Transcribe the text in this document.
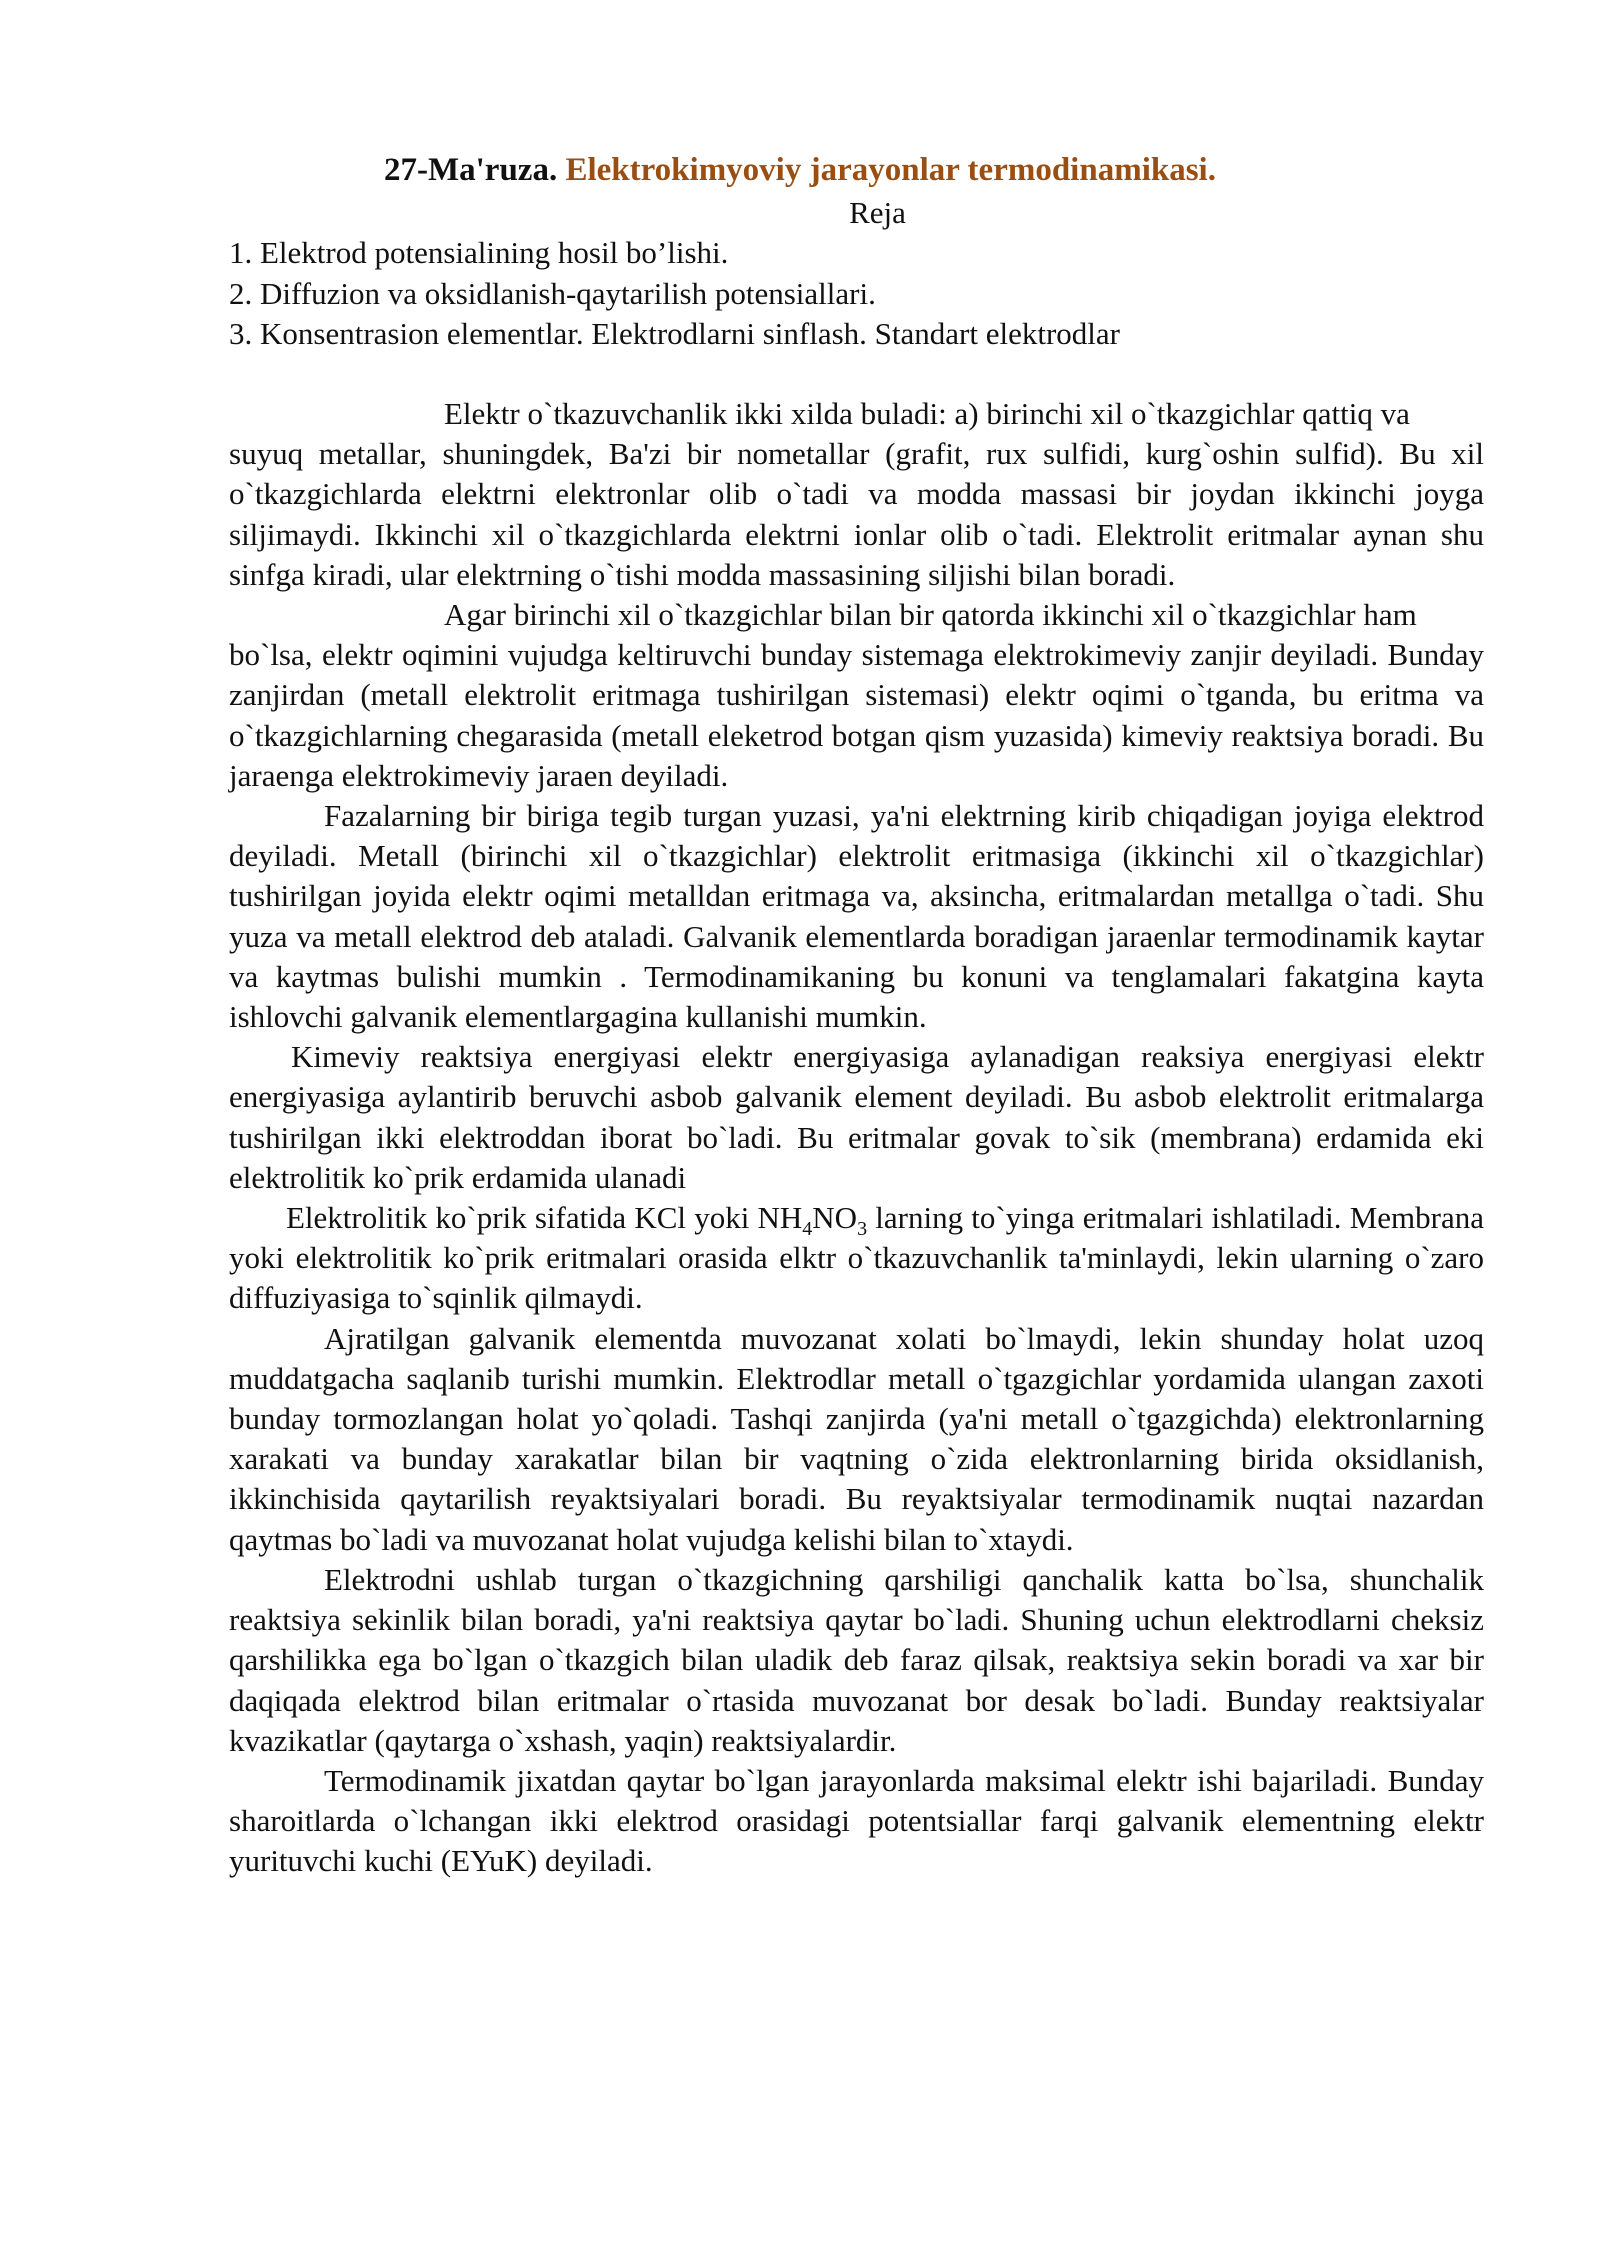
27-Ma'ruza. Elektrokimyoviy jarayonlar termodinamikasi.
Reja
1. Elektrod potensialining hosil bo’lishi.
2. Diffuzion va oksidlanish-qaytarilish potensiallari.
3. Konsentrasion elementlar. Elektrodlarni sinflash. Standart elektrodlar
Elektr o`tkazuvchanlik ikki xilda buladi: a) birinchi xil o`tkazgichlar qattiq va

suyuq metallar, shuningdek, Ba'zi bir nometallar (grafit, rux sulfidi, kurg`oshin sulfid). Bu xil o`tkazgichlarda elektrni elektronlar olib o`tadi va modda massasi bir joydan ikkinchi joyga siljimaydi. Ikkinchi xil o`tkazgichlarda elektrni ionlar olib o`tadi. Elektrolit eritmalar aynan shu sinfga kiradi, ular elektrning o`tishi modda massasining siljishi bilan boradi.

Agar birinchi xil o`tkazgichlar bilan bir qatorda ikkinchi xil o`tkazgichlar ham

bo`lsa, elektr oqimini vujudga keltiruvchi bunday sistemaga elektrokimeviy zanjir deyiladi. Bunday zanjirdan (metall elektrolit eritmaga tushirilgan sistemasi) elektr oqimi o`tganda, bu eritma va o`tkazgichlarning chegarasida (metall eleketrod botgan qism yuzasida) kimeviy reaktsiya boradi. Bu jaraenga elektrokimeviy jaraen deyiladi.

Fazalarning bir biriga tegib turgan yuzasi, ya'ni elektrning kirib chiqadigan joyiga elektrod deyiladi. Metall (birinchi xil o`tkazgichlar) elektrolit eritmasiga (ikkinchi xil o`tkazgichlar) tushirilgan joyida elektr oqimi metalldan eritmaga va, aksincha, eritmalardan metallga o`tadi. Shu yuza va metall elektrod deb ataladi. Galvanik elementlarda boradigan jaraenlar termodinamik kaytar va kaytmas bulishi mumkin . Termodinamikaning bu konuni va tenglamalari fakatgina kayta ishlovchi galvanik elementlargagina kullanishi mumkin.

Kimeviy reaktsiya energiyasi elektr energiyasiga aylanadigan reaksiya energiyasi elektr energiyasiga aylantirib beruvchi asbob galvanik element deyiladi. Bu asbob elektrolit eritmalarga tushirilgan ikki elektroddan iborat bo`ladi. Bu eritmalar govak to`sik (membrana) erdamida eki elektrolitik ko`prik erdamida ulanadi

Elektrolitik ko`prik sifatida KCl yoki $NH_4NO_3$ larning to`yinga eritmalari ishlatiladi. Membrana yoki elektrolitik ko`prik eritmalari orasida elktr o`tkazuvchanlik ta'minlaydi, lekin ularning o`zaro diffuziyasiga to`sqinlik qilmaydi.

Ajratilgan galvanik elementda muvozanat xolati bo`lmaydi, lekin shunday holat uzoq muddatgacha saqlanib turishi mumkin. Elektrodlar metall o`tgazgichlar yordamida ulangan zaxoti bunday tormozlangan holat yo`qoladi. Tashqi zanjirda (ya'ni metall o`tgazgichda) elektronlarning xarakati va bunday xarakatlar bilan bir vaqtning o`zida elektronlarning birida oksidlanish, ikkinchisida qaytarilish reyaktsiyalari boradi. Bu reyaktsiyalar termodinamik nuqtai nazardan qaytmas bo`ladi va muvozanat holat vujudga kelishi bilan to`xtaydi.

Elektrodni ushlab turgan o`tkazgichning qarshiligi qanchalik katta bo`lsa, shunchalik reaktsiya sekinlik bilan boradi, ya'ni reaktsiya qaytar bo`ladi. Shuning uchun elektrodlarni cheksiz qarshilikka ega bo`lgan o`tkazgich bilan uladik deb faraz qilsak, reaktsiya sekin boradi va xar bir daqiqada elektrod bilan eritmalar o`rtasida muvozanat bor desak bo`ladi. Bunday reaktsiyalar kvazikatlar (qaytarga o`xshash, yaqin) reaktsiyalardir.

Termodinamik jixatdan qaytar bo`lgan jarayonlarda maksimal elektr ishi bajariladi. Bunday sharoitlarda o`lchangan ikki elektrod orasidagi potentsiallar farqi galvanik elementning elektr yurituvchi kuchi (EYuK) deyiladi.
